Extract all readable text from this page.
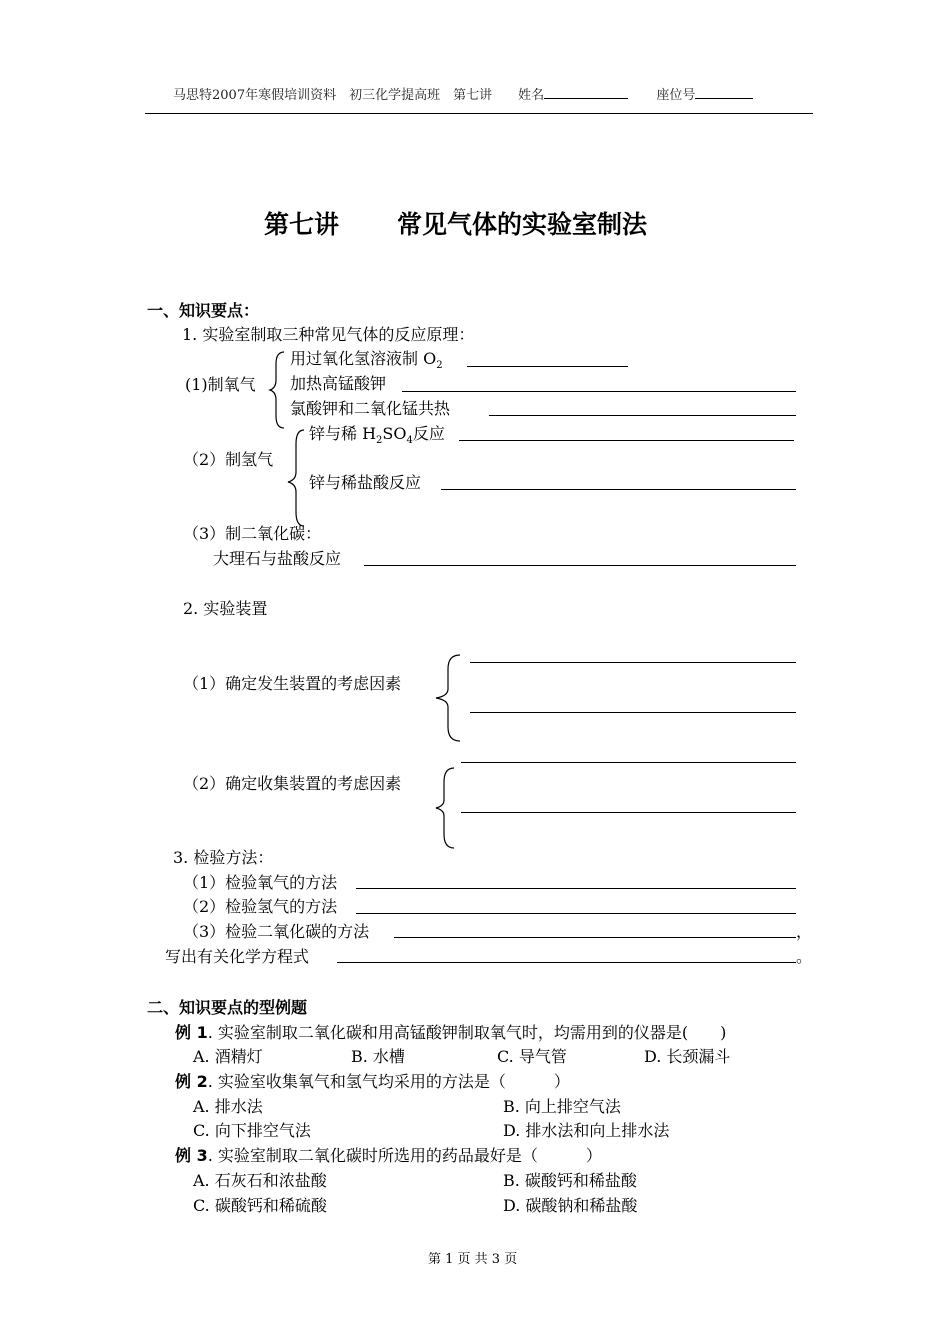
马思特2007年寒假培训资料　初三化学提高班　第七讲　　姓名	座位号
第七讲 常见气体的实验室制法
一、知识要点：
1. 实验室制取三种常见气体的反应原理：
用过氧化氢溶液制 $O_2$
(1)制氧气 加热高锰酸钾
氯酸钾和二氧化锰共热
锌与稀 $H_2SO_4$反应
（2）制氢气
锌与稀盐酸反应
（3）制二氧化碳：
大理石与盐酸反应
2. 实验装置
（1）确定发生装置的考虑因素
（2）确定收集装置的考虑因素
3. 检验方法：
（1）检验氧气的方法
（2）检验氢气的方法
（3）检验二氧化碳的方法	，
写出有关化学方程式	。
二、知识要点的型例题
例 1. 实验室制取二氧化碳和用高锰酸钾制取氧气时，均需用到的仪器是(　　)
A. 酒精灯	B. 水槽	C. 导气管	D. 长颈漏斗
例 2. 实验室收集氧气和氢气均采用的方法是（　　　）
A. 排水法	B. 向上排空气法
C. 向下排空气法	D. 排水法和向上排水法
例 3. 实验室制取二氧化碳时所选用的药品最好是（　　　）
A. 石灰石和浓盐酸	B. 碳酸钙和稀盐酸
C. 碳酸钙和稀硫酸	D. 碳酸钠和稀盐酸
第 1 页 共 3 页
